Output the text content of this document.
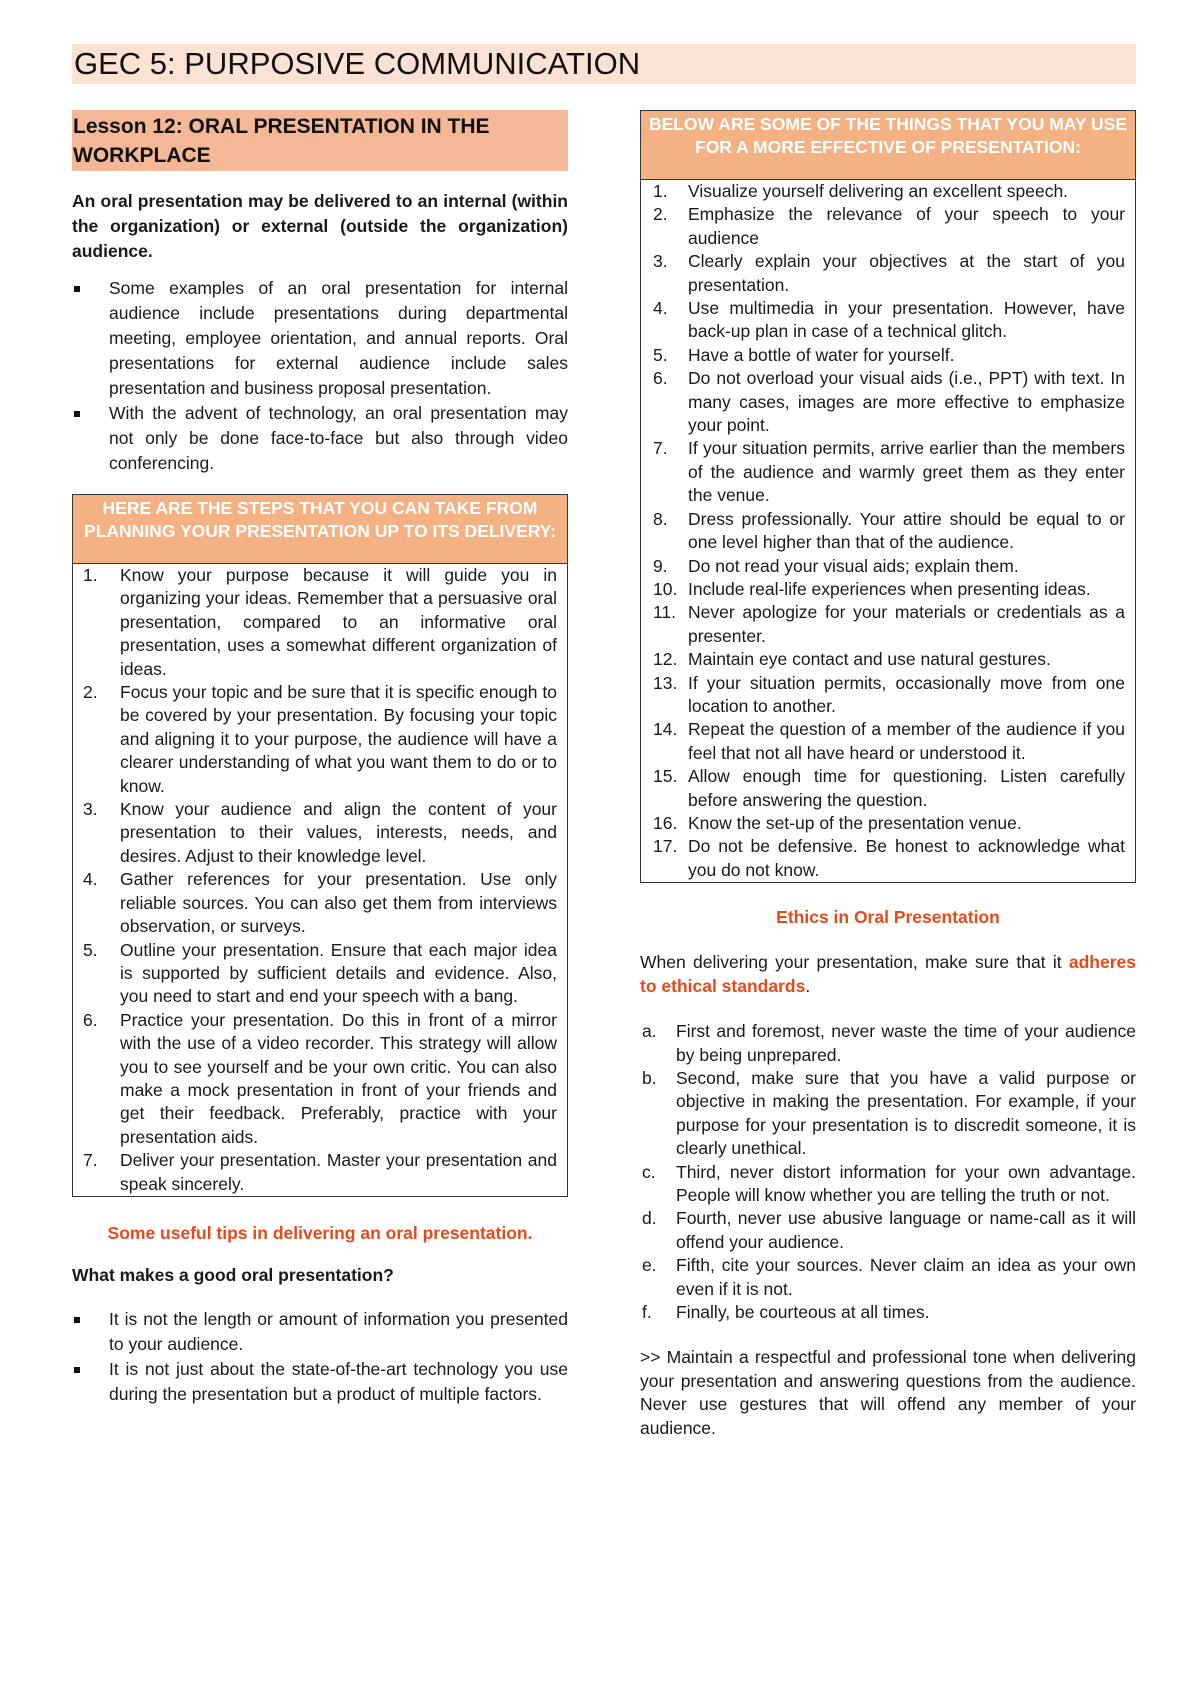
GEC 5: PURPOSIVE COMMUNICATION
Lesson 12: ORAL PRESENTATION IN THE WORKPLACE
An oral presentation may be delivered to an internal (within the organization) or external (outside the organization) audience.
Some examples of an oral presentation for internal audience include presentations during departmental meeting, employee orientation, and annual reports. Oral presentations for external audience include sales presentation and business proposal presentation.
With the advent of technology, an oral presentation may not only be done face-to-face but also through video conferencing.
HERE ARE THE STEPS THAT YOU CAN TAKE FROM PLANNING YOUR PRESENTATION UP TO ITS DELIVERY:
1. Know your purpose because it will guide you in organizing your ideas. Remember that a persuasive oral presentation, compared to an informative oral presentation, uses a somewhat different organization of ideas.
2. Focus your topic and be sure that it is specific enough to be covered by your presentation. By focusing your topic and aligning it to your purpose, the audience will have a clearer understanding of what you want them to do or to know.
3. Know your audience and align the content of your presentation to their values, interests, needs, and desires. Adjust to their knowledge level.
4. Gather references for your presentation. Use only reliable sources. You can also get them from interviews observation, or surveys.
5. Outline your presentation. Ensure that each major idea is supported by sufficient details and evidence. Also, you need to start and end your speech with a bang.
6. Practice your presentation. Do this in front of a mirror with the use of a video recorder. This strategy will allow you to see yourself and be your own critic. You can also make a mock presentation in front of your friends and get their feedback. Preferably, practice with your presentation aids.
7. Deliver your presentation. Master your presentation and speak sincerely.
Some useful tips in delivering an oral presentation.
What makes a good oral presentation?
It is not the length or amount of information you presented to your audience.
It is not just about the state-of-the-art technology you use during the presentation but a product of multiple factors.
BELOW ARE SOME OF THE THINGS THAT YOU MAY USE FOR A MORE EFFECTIVE OF PRESENTATION:
1. Visualize yourself delivering an excellent speech.
2. Emphasize the relevance of your speech to your audience
3. Clearly explain your objectives at the start of you presentation.
4. Use multimedia in your presentation. However, have back-up plan in case of a technical glitch.
5. Have a bottle of water for yourself.
6. Do not overload your visual aids (i.e., PPT) with text. In many cases, images are more effective to emphasize your point.
7. If your situation permits, arrive earlier than the members of the audience and warmly greet them as they enter the venue.
8. Dress professionally. Your attire should be equal to or one level higher than that of the audience.
9. Do not read your visual aids; explain them.
10. Include real-life experiences when presenting ideas.
11. Never apologize for your materials or credentials as a presenter.
12. Maintain eye contact and use natural gestures.
13. If your situation permits, occasionally move from one location to another.
14. Repeat the question of a member of the audience if you feel that not all have heard or understood it.
15. Allow enough time for questioning. Listen carefully before answering the question.
16. Know the set-up of the presentation venue.
17. Do not be defensive. Be honest to acknowledge what you do not know.
Ethics in Oral Presentation
When delivering your presentation, make sure that it adheres to ethical standards.
a. First and foremost, never waste the time of your audience by being unprepared.
b. Second, make sure that you have a valid purpose or objective in making the presentation. For example, if your purpose for your presentation is to discredit someone, it is clearly unethical.
c. Third, never distort information for your own advantage. People will know whether you are telling the truth or not.
d. Fourth, never use abusive language or name-call as it will offend your audience.
e. Fifth, cite your sources. Never claim an idea as your own even if it is not.
f. Finally, be courteous at all times.
>> Maintain a respectful and professional tone when delivering your presentation and answering questions from the audience. Never use gestures that will offend any member of your audience.
